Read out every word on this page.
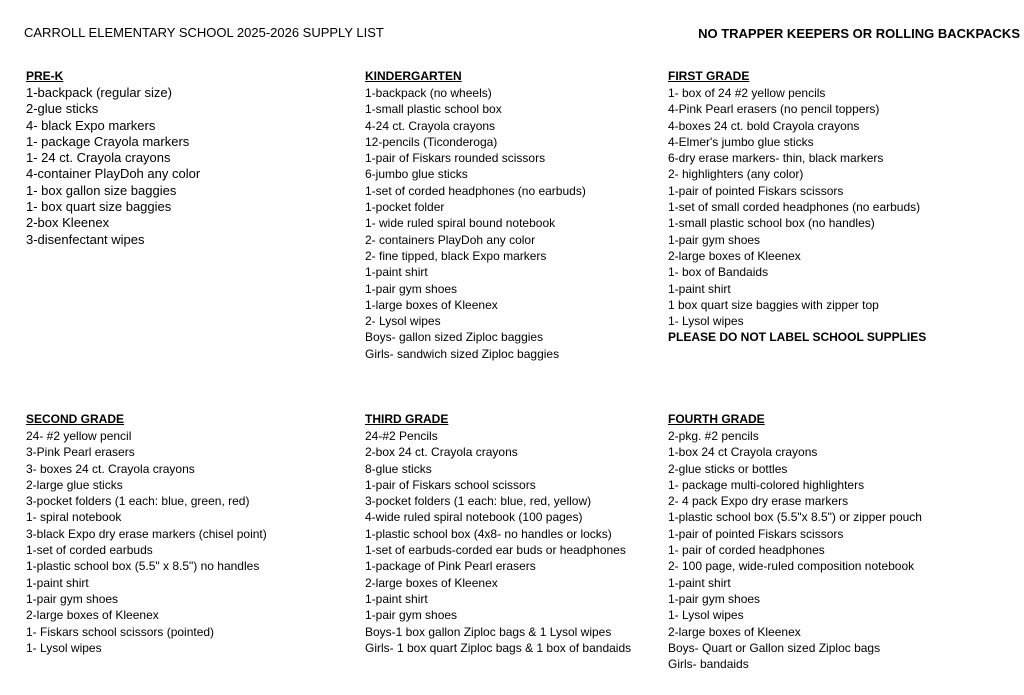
CARROLL ELEMENTARY SCHOOL 2025-2026 SUPPLY LIST	NO TRAPPER KEEPERS OR ROLLING BACKPACKS
PRE-K
1-backpack (regular size)
2-glue sticks
4- black Expo markers
1- package Crayola markers
1- 24 ct. Crayola crayons
4-container PlayDoh any color
1- box gallon size baggies
1- box quart size baggies
2-box Kleenex
3-disenfectant wipes
KINDERGARTEN
1-backpack (no wheels)
1-small plastic school box
4-24 ct. Crayola crayons
12-pencils (Ticonderoga)
1-pair of Fiskars rounded scissors
6-jumbo glue sticks
1-set of corded headphones (no earbuds)
1-pocket folder
1- wide ruled spiral bound notebook
2- containers PlayDoh any color
2- fine tipped, black Expo markers
1-paint shirt
1-pair gym shoes
1-large boxes of Kleenex
2- Lysol wipes
Boys- gallon sized Ziploc baggies
Girls- sandwich sized Ziploc baggies
FIRST GRADE
1- box of 24 #2 yellow pencils
4-Pink Pearl erasers (no pencil toppers)
4-boxes 24 ct. bold Crayola crayons
4-Elmer's jumbo glue sticks
6-dry erase markers- thin, black markers
2- highlighters (any color)
1-pair of pointed Fiskars scissors
1-set of small corded headphones (no earbuds)
1-small plastic school box (no handles)
1-pair gym shoes
2-large boxes of Kleenex
1- box of Bandaids
1-paint shirt
1 box quart size baggies with zipper top
1- Lysol wipes
PLEASE DO NOT LABEL SCHOOL SUPPLIES
SECOND GRADE
24- #2 yellow pencil
3-Pink Pearl erasers
3- boxes 24 ct. Crayola crayons
2-large glue sticks
3-pocket folders (1 each: blue, green, red)
1- spiral notebook
3-black Expo dry erase markers (chisel point)
1-set of corded earbuds
1-plastic school box (5.5" x 8.5") no handles
1-paint shirt
1-pair gym shoes
2-large boxes of Kleenex
1- Fiskars school scissors (pointed)
1- Lysol wipes
THIRD GRADE
24-#2 Pencils
2-box 24 ct. Crayola crayons
8-glue sticks
1-pair of Fiskars school scissors
3-pocket folders (1 each: blue, red, yellow)
4-wide ruled spiral notebook (100 pages)
1-plastic school box (4x8- no handles or locks)
1-set of earbuds-corded ear buds or headphones
1-package of Pink Pearl erasers
2-large boxes of Kleenex
1-paint shirt
1-pair gym shoes
Boys-1 box gallon Ziploc bags & 1 Lysol wipes
Girls- 1 box quart Ziploc bags & 1 box of bandaids
FOURTH GRADE
2-pkg. #2 pencils
1-box 24 ct Crayola crayons
2-glue sticks or bottles
1- package multi-colored highlighters
2- 4 pack Expo dry erase markers
1-plastic school box (5.5"x 8.5") or zipper pouch
1-pair of pointed Fiskars scissors
1- pair of corded headphones
2- 100 page, wide-ruled composition notebook
1-paint shirt
1-pair gym shoes
1- Lysol wipes
2-large boxes of Kleenex
Boys- Quart or Gallon sized Ziploc bags
Girls- bandaids
